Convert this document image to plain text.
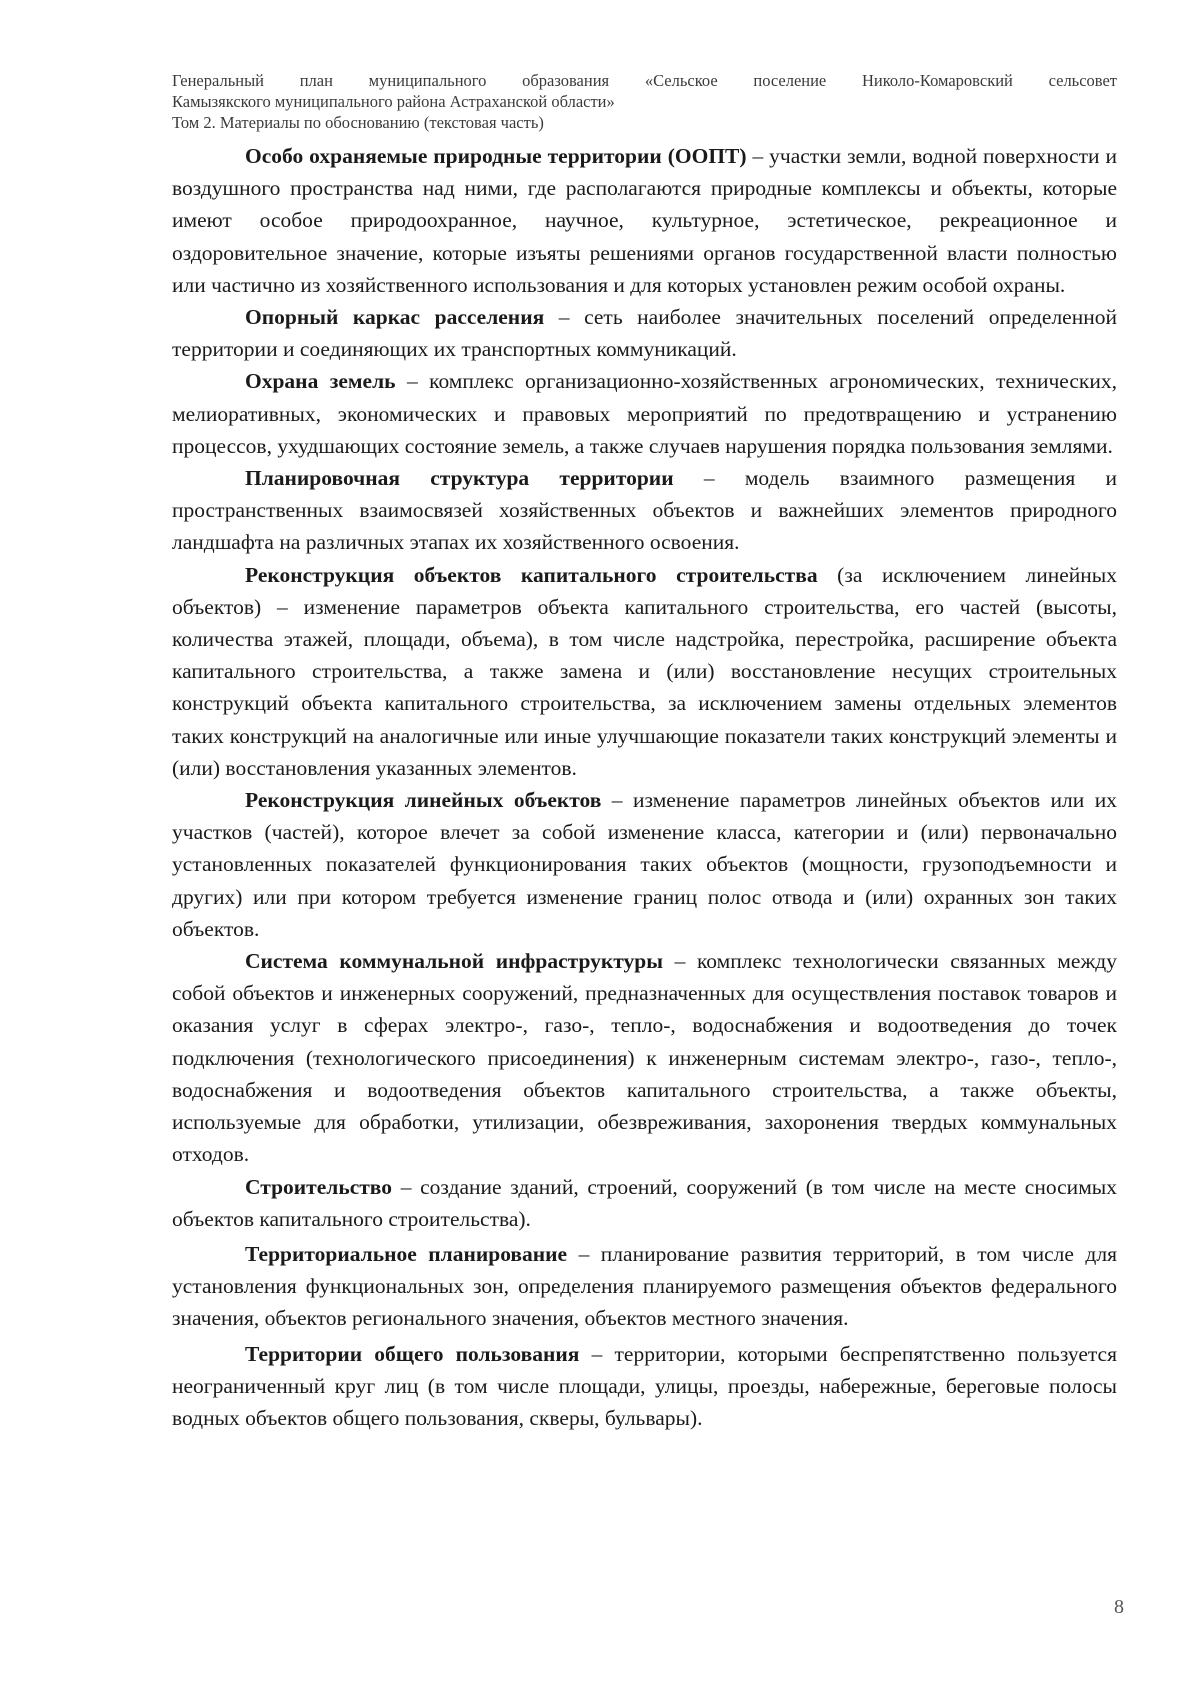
Генеральный план муниципального образования «Сельское поселение Николо-Комаровский сельсовет
Камызякского муниципального района Астраханской области»
Том 2. Материалы по обоснованию (текстовая часть)

Особо охраняемые природные территории (ООПТ) – участки земли, водной поверхности и воздушного пространства над ними, где располагаются природные комплексы и объекты, которые имеют особое природоохранное, научное, культурное, эстетическое, рекреационное и оздоровительное значение, которые изъяты решениями органов государственной власти полностью или частично из хозяйственного использования и для которых установлен режим особой охраны.

Опорный каркас расселения – сеть наиболее значительных поселений определенной территории и соединяющих их транспортных коммуникаций.

Охрана земель – комплекс организационно-хозяйственных агрономических, технических, мелиоративных, экономических и правовых мероприятий по предотвращению и устранению процессов, ухудшающих состояние земель, а также случаев нарушения порядка пользования землями.

Планировочная структура территории – модель взаимного размещения и пространственных взаимосвязей хозяйственных объектов и важнейших элементов природного ландшафта на различных этапах их хозяйственного освоения.

Реконструкция объектов капитального строительства (за исключением линейных объектов) – изменение параметров объекта капитального строительства, его частей (высоты, количества этажей, площади, объема), в том числе надстройка, перестройка, расширение объекта капитального строительства, а также замена и (или) восстановление несущих строительных конструкций объекта капитального строительства, за исключением замены отдельных элементов таких конструкций на аналогичные или иные улучшающие показатели таких конструкций элементы и (или) восстановления указанных элементов.

Реконструкция линейных объектов – изменение параметров линейных объектов или их участков (частей), которое влечет за собой изменение класса, категории и (или) первоначально установленных показателей функционирования таких объектов (мощности, грузоподъемности и других) или при котором требуется изменение границ полос отвода и (или) охранных зон таких объектов.

Система коммунальной инфраструктуры – комплекс технологически связанных между собой объектов и инженерных сооружений, предназначенных для осуществления поставок товаров и оказания услуг в сферах электро-, газо-, тепло-, водоснабжения и водоотведения до точек подключения (технологического присоединения) к инженерным системам электро-, газо-, тепло-, водоснабжения и водоотведения объектов капитального строительства, а также объекты, используемые для обработки, утилизации, обезвреживания, захоронения твердых коммунальных отходов.

Строительство – создание зданий, строений, сооружений (в том числе на месте сносимых объектов капитального строительства).

Территориальное планирование – планирование развития территорий, в том числе для установления функциональных зон, определения планируемого размещения объектов федерального значения, объектов регионального значения, объектов местного значения.

Территории общего пользования – территории, которыми беспрепятственно пользуется неограниченный круг лиц (в том числе площади, улицы, проезды, набережные, береговые полосы водных объектов общего пользования, скверы, бульвары).

8
